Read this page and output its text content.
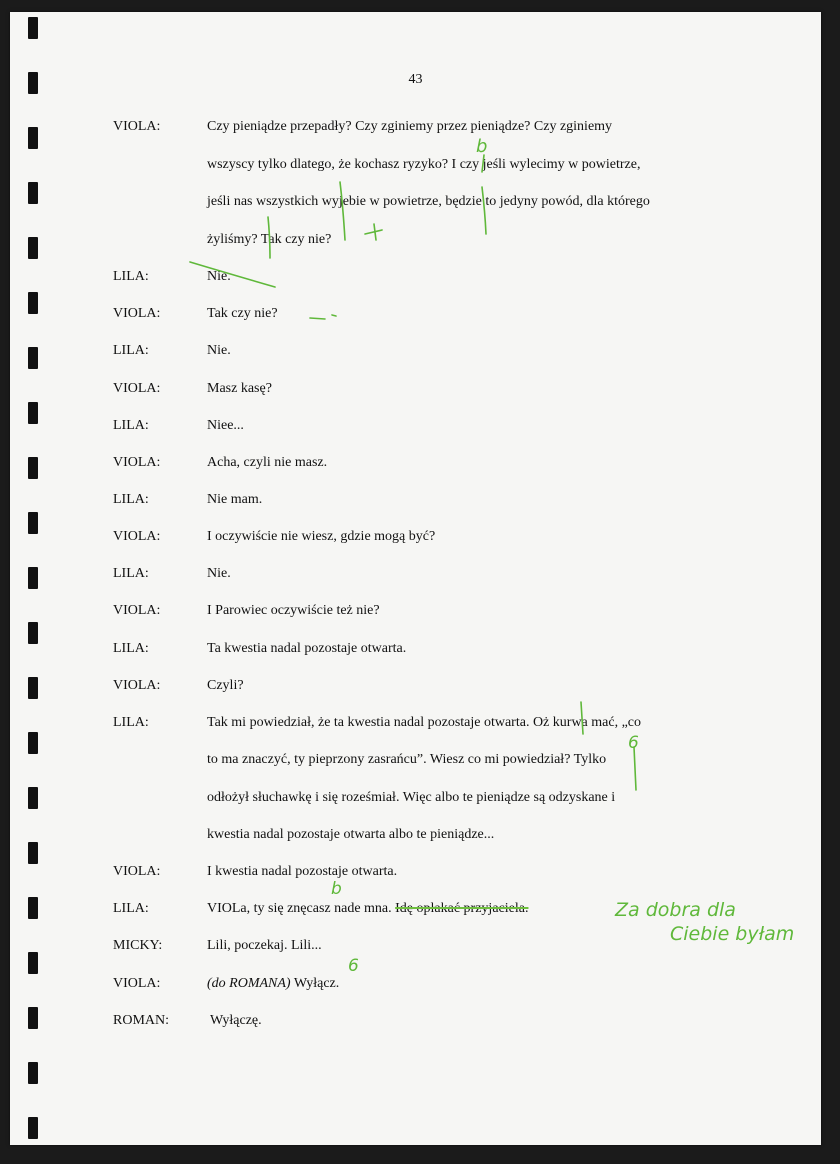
43
VIOLA:	Czy pieniądze przepadły? Czy zginiemy przez pieniądze? Czy zginiemy
wszyscy tylko dlatego, że kochasz ryzyko? I czy jeśli wylecimy w powietrze,
jeśli nas wszystkich wyjebie w powietrze, będzie to jedyny powód, dla którego
żyliśmy? Tak czy nie?
LILA:	Nie.
VIOLA:	Tak czy nie?
LILA:	Nie.
VIOLA:	Masz kasę?
LILA:	Niee...
VIOLA:	Acha, czyli nie masz.
LILA:	Nie mam.
VIOLA:	I oczywiście nie wiesz, gdzie mogą być?
LILA:	Nie.
VIOLA:	I Parowiec oczywiście też nie?
LILA:	Ta kwestia nadal pozostaje otwarta.
VIOLA:	Czyli?
LILA:	Tak mi powiedział, że ta kwestia nadal pozostaje otwarta. Oż kurwa mać, „co
to ma znaczyć, ty pieprzony zasrańcu”. Wiesz co mi powiedział? Tylko
odłożył słuchawkę i się roześmiał. Więc albo te pieniądze są odzyskane i
kwestia nadal pozostaje otwarta albo te pieniądze...
VIOLA:	I kwestia nadal pozostaje otwarta.
LILA:	VIOLa, ty się znęcasz nade mna. Idę opłakać przyjaciela.
MICKY:	Lili, poczekaj. Lili...
VIOLA:	(do ROMANA) Wyłącz.
ROMAN:	Wyłączę.
b
6
b
6
Za dobra dla
Ciebie byłam
